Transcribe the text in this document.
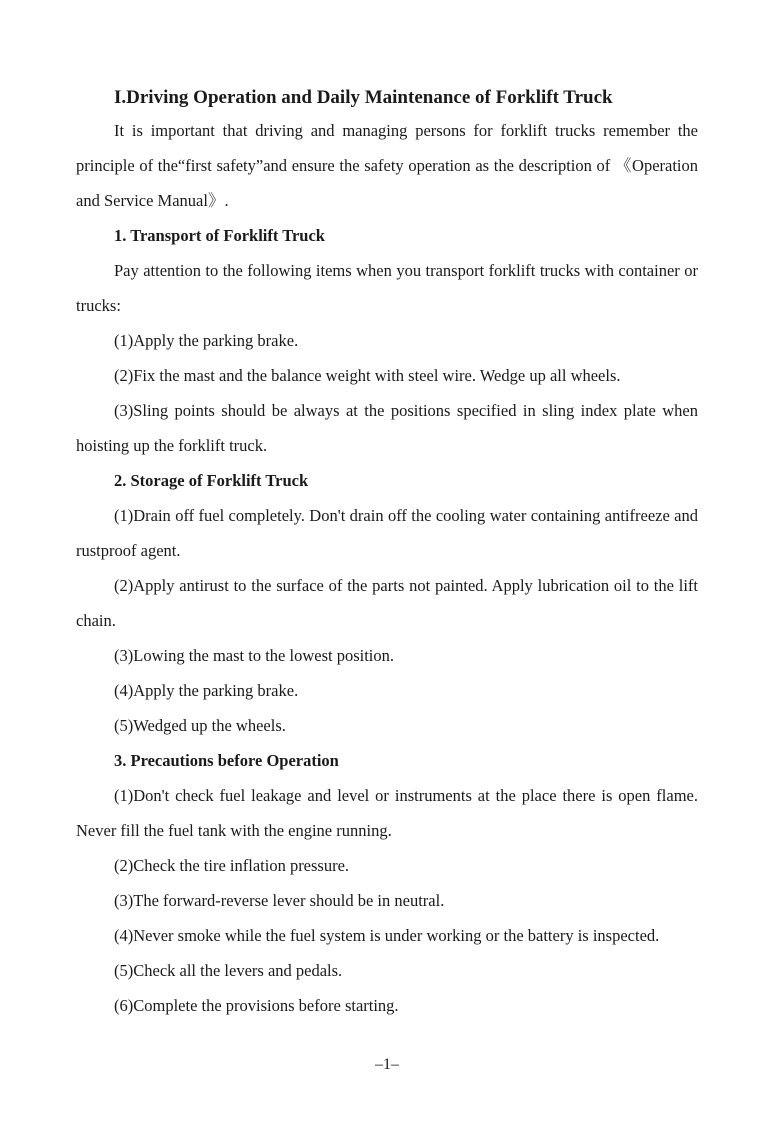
I.Driving Operation and Daily Maintenance of Forklift Truck

It is important that driving and managing persons for forklift trucks remember the principle of the“first safety”and ensure the safety operation as the description of 《Operation and Service Manual》.

1. Transport of Forklift Truck

Pay attention to the following items when you transport forklift trucks with container or trucks:

(1)Apply the parking brake.

(2)Fix the mast and the balance weight with steel wire. Wedge up all wheels.

(3)Sling points should be always at the positions specified in sling index plate when hoisting up the forklift truck.

2. Storage of Forklift Truck

(1)Drain off fuel completely. Don't drain off the cooling water containing antifreeze and rustproof agent.

(2)Apply antirust to the surface of the parts not painted. Apply lubrication oil to the lift chain.

(3)Lowing the mast to the lowest position.

(4)Apply the parking brake.

(5)Wedged up the wheels.

3. Precautions before Operation

(1)Don't check fuel leakage and level or instruments at the place there is open flame. Never fill the fuel tank with the engine running.

(2)Check the tire inflation pressure.

(3)The forward-reverse lever should be in neutral.

(4)Never smoke while the fuel system is under working or the battery is inspected.

(5)Check all the levers and pedals.

(6)Complete the provisions before starting.

–1–
